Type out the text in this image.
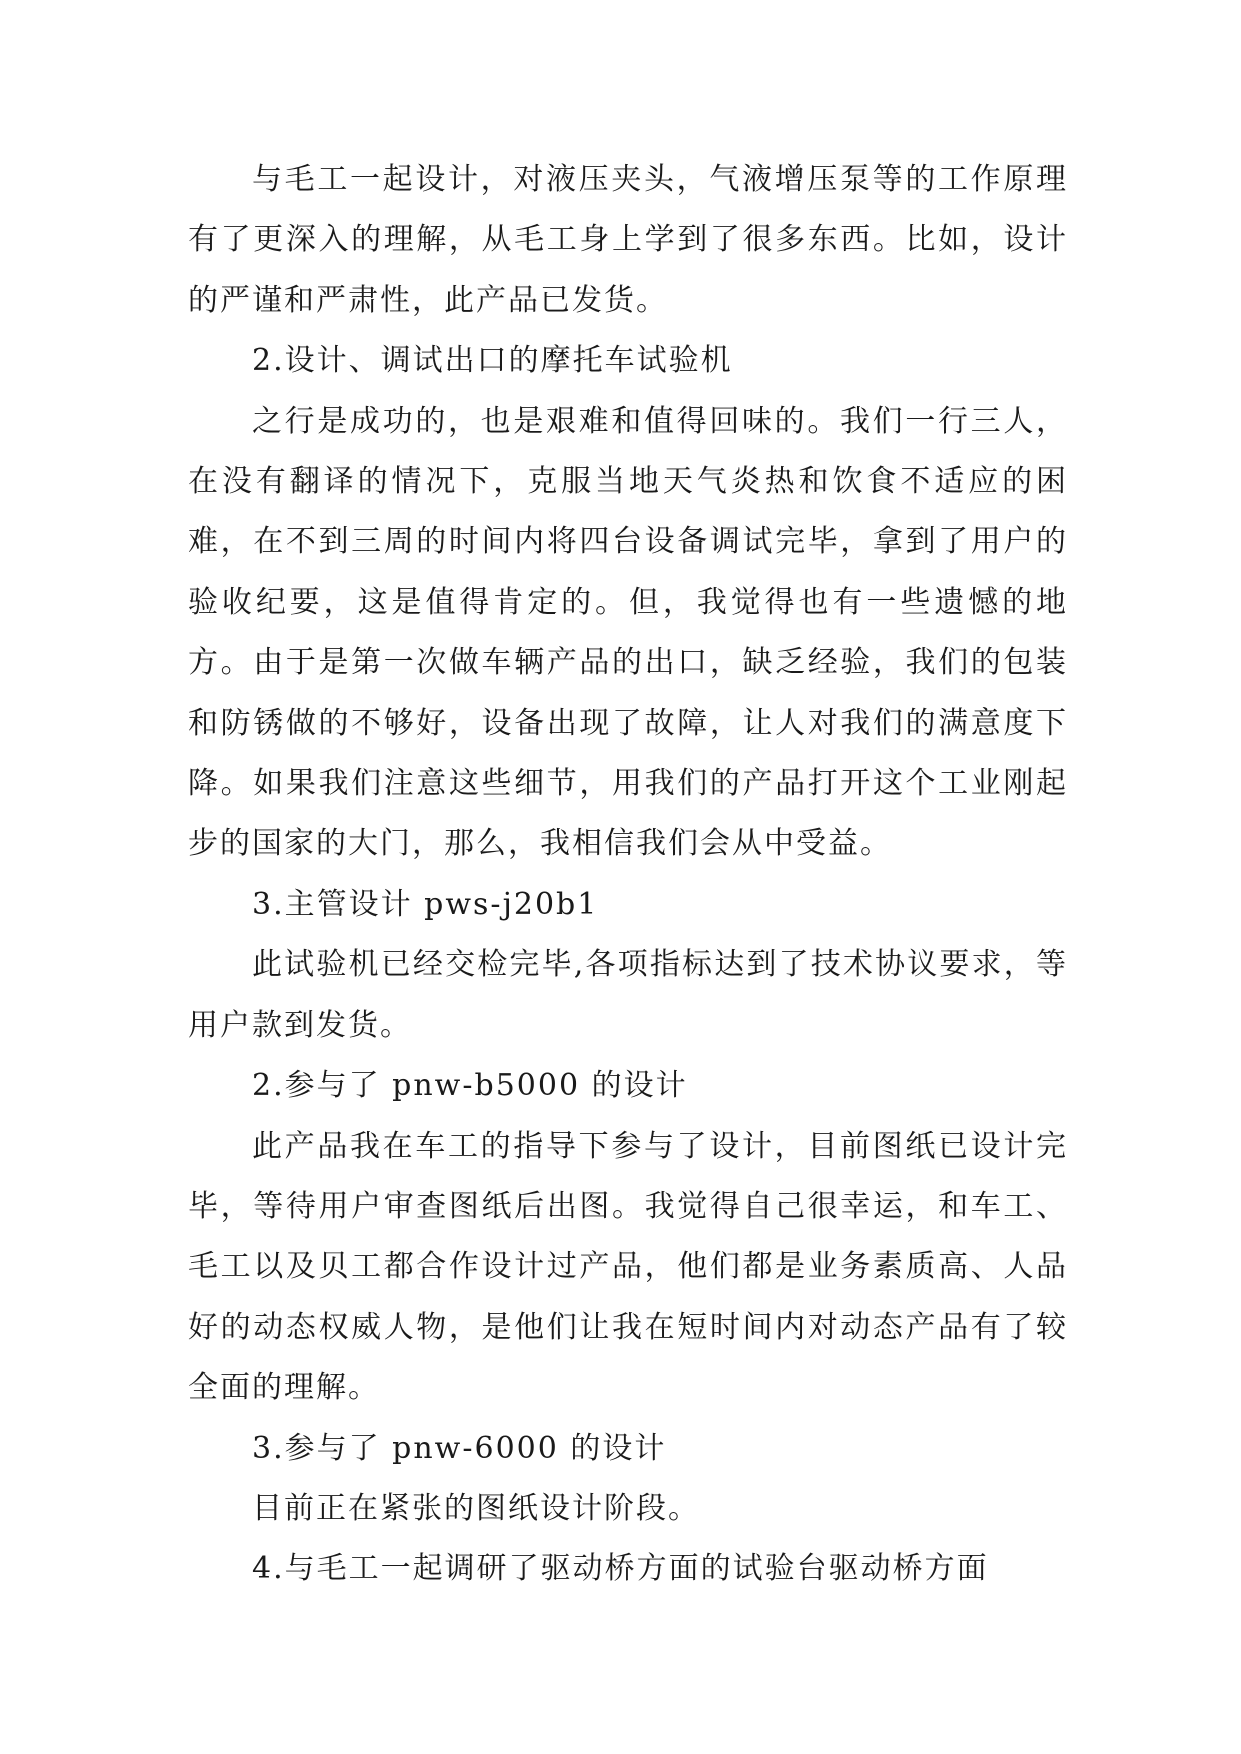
与毛工一起设计，对液压夹头，气液增压泵等的工作原理有了更深入的理解，从毛工身上学到了很多东西。比如，设计的严谨和严肃性，此产品已发货。

2.设计、调试出口的摩托车试验机

之行是成功的，也是艰难和值得回味的。我们一行三人，在没有翻译的情况下，克服当地天气炎热和饮食不适应的困难，在不到三周的时间内将四台设备调试完毕，拿到了用户的验收纪要，这是值得肯定的。但，我觉得也有一些遗憾的地方。由于是第一次做车辆产品的出口，缺乏经验，我们的包装和防锈做的不够好，设备出现了故障，让人对我们的满意度下降。如果我们注意这些细节，用我们的产品打开这个工业刚起步的国家的大门，那么，我相信我们会从中受益。

3.主管设计 pws-j20b1

此试验机已经交检完毕,各项指标达到了技术协议要求，等用户款到发货。

2.参与了 pnw-b5000 的设计

此产品我在车工的指导下参与了设计，目前图纸已设计完毕，等待用户审查图纸后出图。我觉得自己很幸运，和车工、毛工以及贝工都合作设计过产品，他们都是业务素质高、人品好的动态权威人物，是他们让我在短时间内对动态产品有了较全面的理解。

3.参与了 pnw-6000 的设计

目前正在紧张的图纸设计阶段。

4.与毛工一起调研了驱动桥方面的试验台驱动桥方面
